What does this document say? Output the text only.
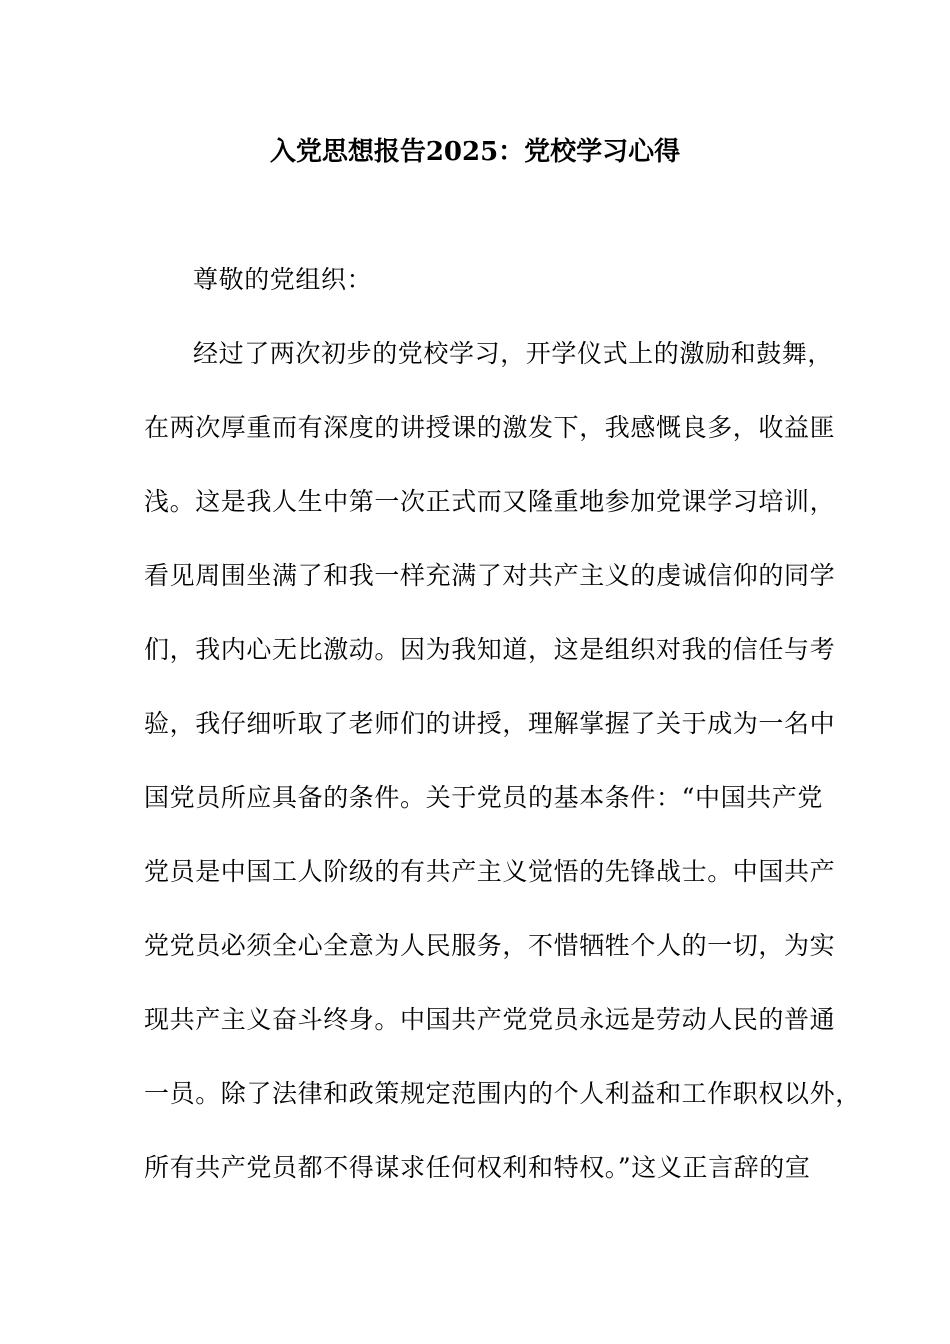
入党思想报告2025：党校学习心得
尊敬的党组织：
经过了两次初步的党校学习，开学仪式上的激励和鼓舞，
在两次厚重而有深度的讲授课的激发下，我感慨良多，收益匪
浅。这是我人生中第一次正式而又隆重地参加党课学习培训，
看见周围坐满了和我一样充满了对共产主义的虔诚信仰的同学
们，我内心无比激动。因为我知道，这是组织对我的信任与考
验，我仔细听取了老师们的讲授，理解掌握了关于成为一名中
国党员所应具备的条件。关于党员的基本条件：“中国共产党
党员是中国工人阶级的有共产主义觉悟的先锋战士。中国共产
党党员必须全心全意为人民服务，不惜牺牲个人的一切，为实
现共产主义奋斗终身。中国共产党党员永远是劳动人民的普通
一员。除了法律和政策规定范围内的个人利益和工作职权以外，
所有共产党员都不得谋求任何权利和特权。”这义正言辞的宣
